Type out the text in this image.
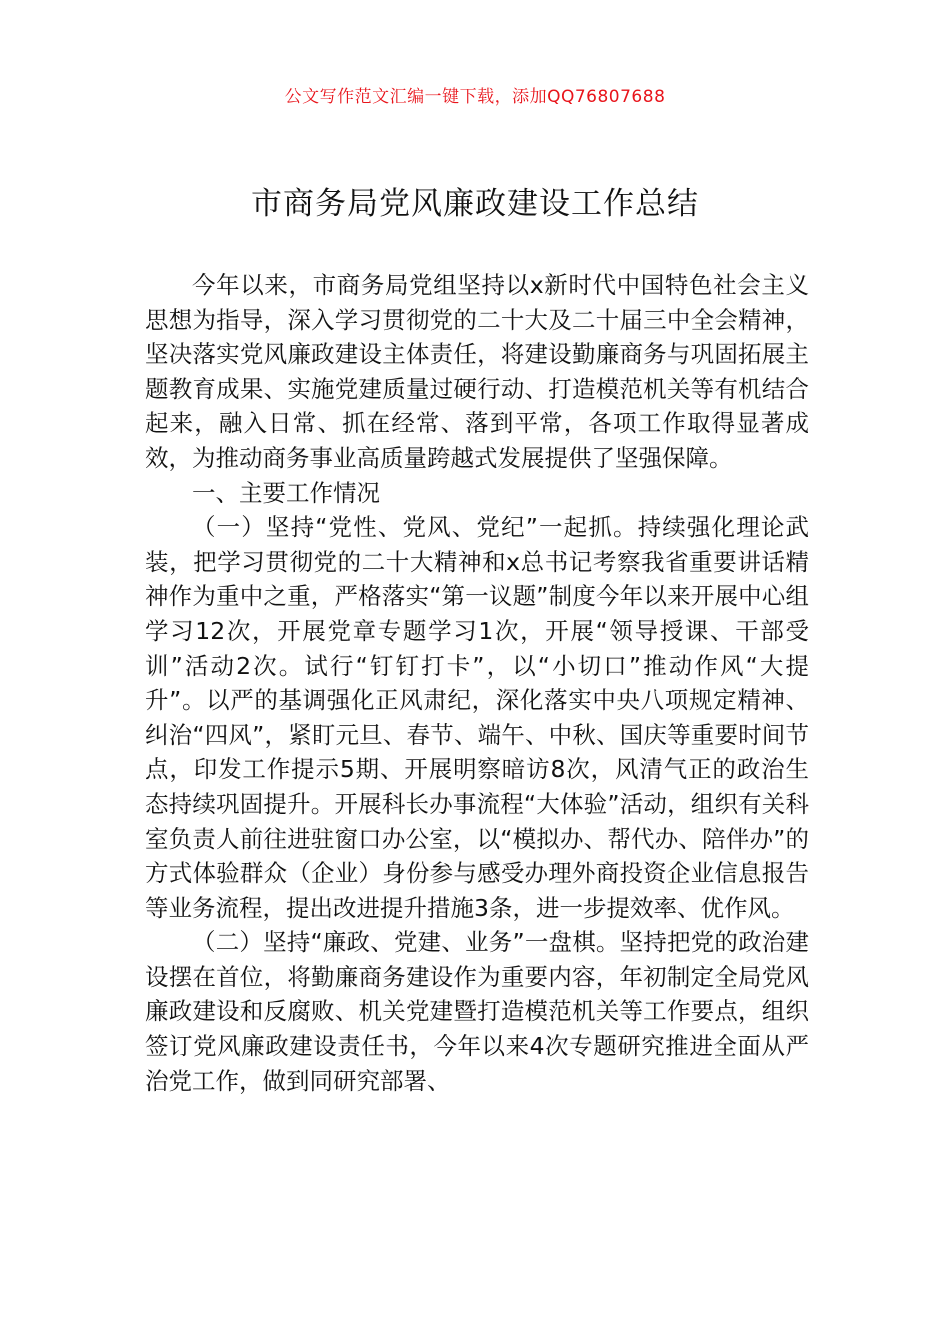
公文写作范文汇编一键下载，添加QQ76807688
市商务局党风廉政建设工作总结

今年以来，市商务局党组坚持以x新时代中国特色社会主义思想为指导，深入学习贯彻党的二十大及二十届三中全会精神，坚决落实党风廉政建设主体责任，将建设勤廉商务与巩固拓展主题教育成果、实施党建质量过硬行动、打造模范机关等有机结合起来，融入日常、抓在经常、落到平常，各项工作取得显著成效，为推动商务事业高质量跨越式发展提供了坚强保障。

一、主要工作情况

（一）坚持“党性、党风、党纪”一起抓。持续强化理论武装，把学习贯彻党的二十大精神和x总书记考察我省重要讲话精神作为重中之重，严格落实“第一议题”制度今年以来开展中心组学习12次，开展党章专题学习1次，开展“领导授课、干部受训”活动2次。试行“钉钉打卡”，以“小切口”推动作风“大提升”。以严的基调强化正风肃纪，深化落实中央八项规定精神、纠治“四风”，紧盯元旦、春节、端午、中秋、国庆等重要时间节点，印发工作提示5期、开展明察暗访8次，风清气正的政治生态持续巩固提升。开展科长办事流程“大体验”活动，组织有关科室负责人前往进驻窗口办公室，以“模拟办、帮代办、陪伴办”的方式体验群众（企业）身份参与感受办理外商投资企业信息报告等业务流程，提出改进提升措施3条，进一步提效率、优作风。

（二）坚持“廉政、党建、业务”一盘棋。坚持把党的政治建设摆在首位，将勤廉商务建设作为重要内容，年初制定全局党风廉政建设和反腐败、机关党建暨打造模范机关等工作要点，组织签订党风廉政建设责任书，今年以来4次专题研究推进全面从严治党工作，做到同研究部署、
